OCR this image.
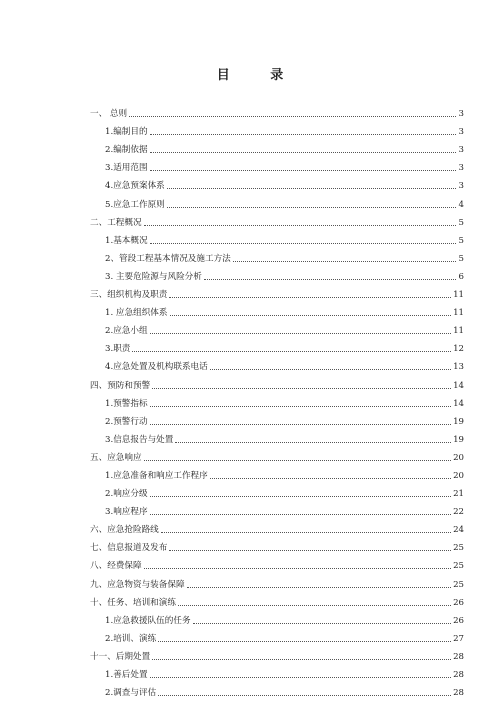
目 录
一、 总则	3
1.编制目的	3
2.编制依据	3
3.适用范围	3
4.应急预案体系	3
5.应急工作原则	4
二、工程概况	5
1.基本概况	5
2、管段工程基本情况及施工方法	5
3. 主要危险源与风险分析	6
三、组织机构及职责	11
1. 应急组织体系	11
2.应急小组	11
3.职责	12
4.应急处置及机构联系电话	13
四、预防和预警	14
1.预警指标	14
2.预警行动	19
3.信息报告与处置	19
五、应急响应	20
1.应急准备和响应工作程序	20
2.响应分级	21
3.响应程序	22
六、应急抢险路线	24
七、信息报道及发布	25
八、经费保障	25
九、应急物资与装备保障	25
十、任务、培训和演练	26
1.应急救援队伍的任务	26
2.培训、演练	27
十一、后期处置	28
1.善后处置	28
2.调查与评估	28
